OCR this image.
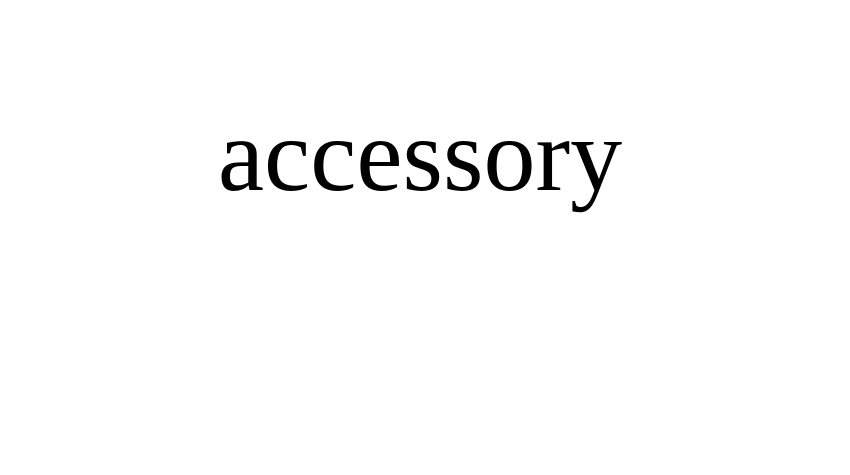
accessory
